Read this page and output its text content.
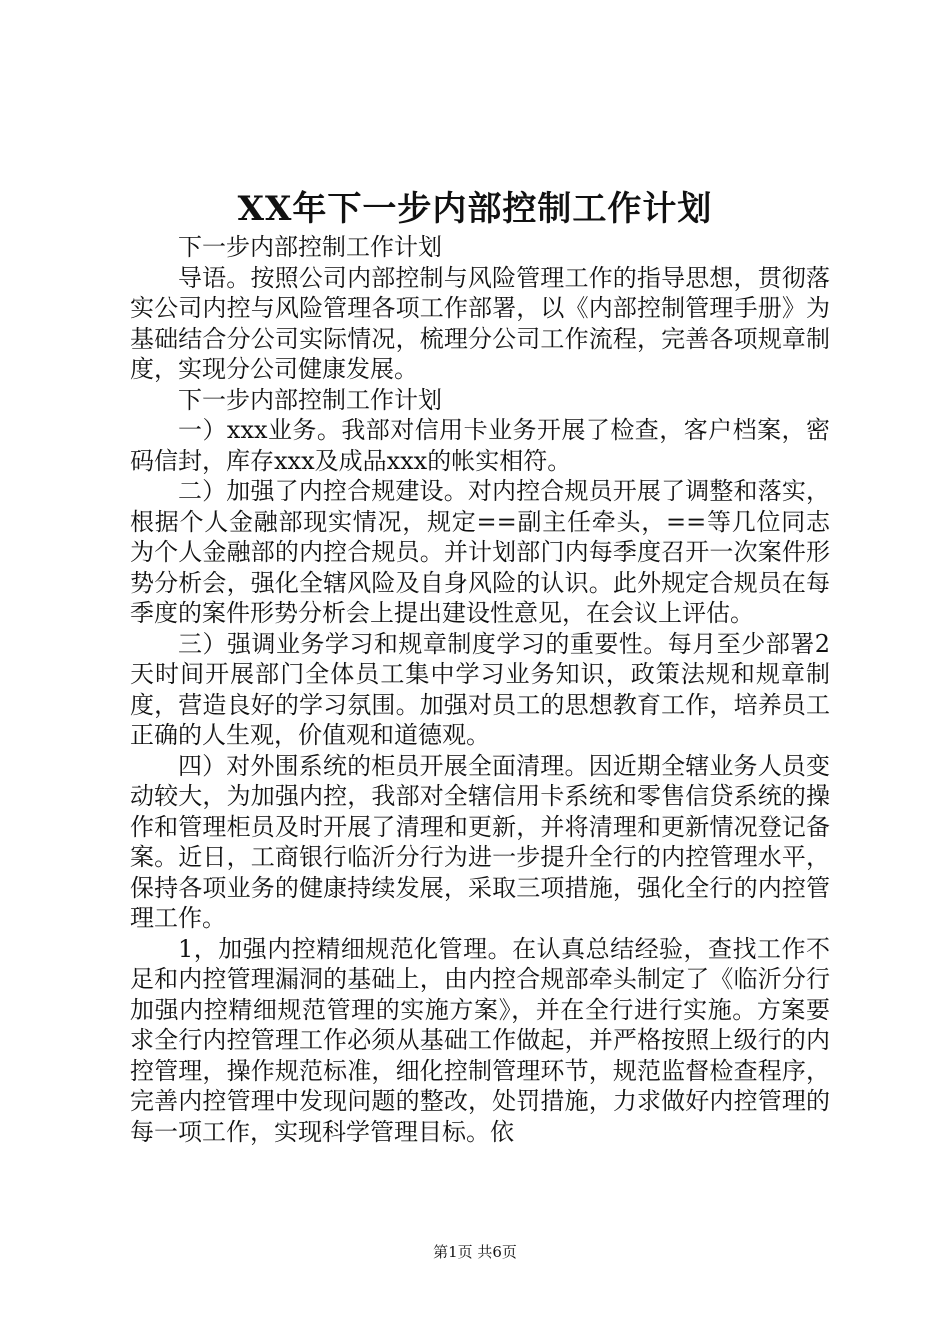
XX年下一步内部控制工作计划

下一步内部控制工作计划

导语。按照公司内部控制与风险管理工作的指导思想，贯彻落实公司内控与风险管理各项工作部署，以《内部控制管理手册》为基础结合分公司实际情况，梳理分公司工作流程，完善各项规章制度，实现分公司健康发展。

下一步内部控制工作计划

一）xxx业务。我部对信用卡业务开展了检查，客户档案，密码信封，库存xxx及成品xxx的帐实相符。

二）加强了内控合规建设。对内控合规员开展了调整和落实，根据个人金融部现实情况，规定==副主任牵头，==等几位同志为个人金融部的内控合规员。并计划部门内每季度召开一次案件形势分析会，强化全辖风险及自身风险的认识。此外规定合规员在每季度的案件形势分析会上提出建设性意见，在会议上评估。

三）强调业务学习和规章制度学习的重要性。每月至少部署2天时间开展部门全体员工集中学习业务知识，政策法规和规章制度，营造良好的学习氛围。加强对员工的思想教育工作，培养员工正确的人生观，价值观和道德观。

四）对外围系统的柜员开展全面清理。因近期全辖业务人员变动较大，为加强内控，我部对全辖信用卡系统和零售信贷系统的操作和管理柜员及时开展了清理和更新，并将清理和更新情况登记备案。近日，工商银行临沂分行为进一步提升全行的内控管理水平，保持各项业务的健康持续发展，采取三项措施，强化全行的内控管理工作。

1，加强内控精细规范化管理。在认真总结经验，查找工作不足和内控管理漏洞的基础上，由内控合规部牵头制定了《临沂分行加强内控精细规范管理的实施方案》，并在全行进行实施。方案要求全行内控管理工作必须从基础工作做起，并严格按照上级行的内控管理，操作规范标准，细化控制管理环节，规范监督检查程序，完善内控管理中发现问题的整改，处罚措施，力求做好内控管理的每一项工作，实现科学管理目标。依

第1页 共6页
